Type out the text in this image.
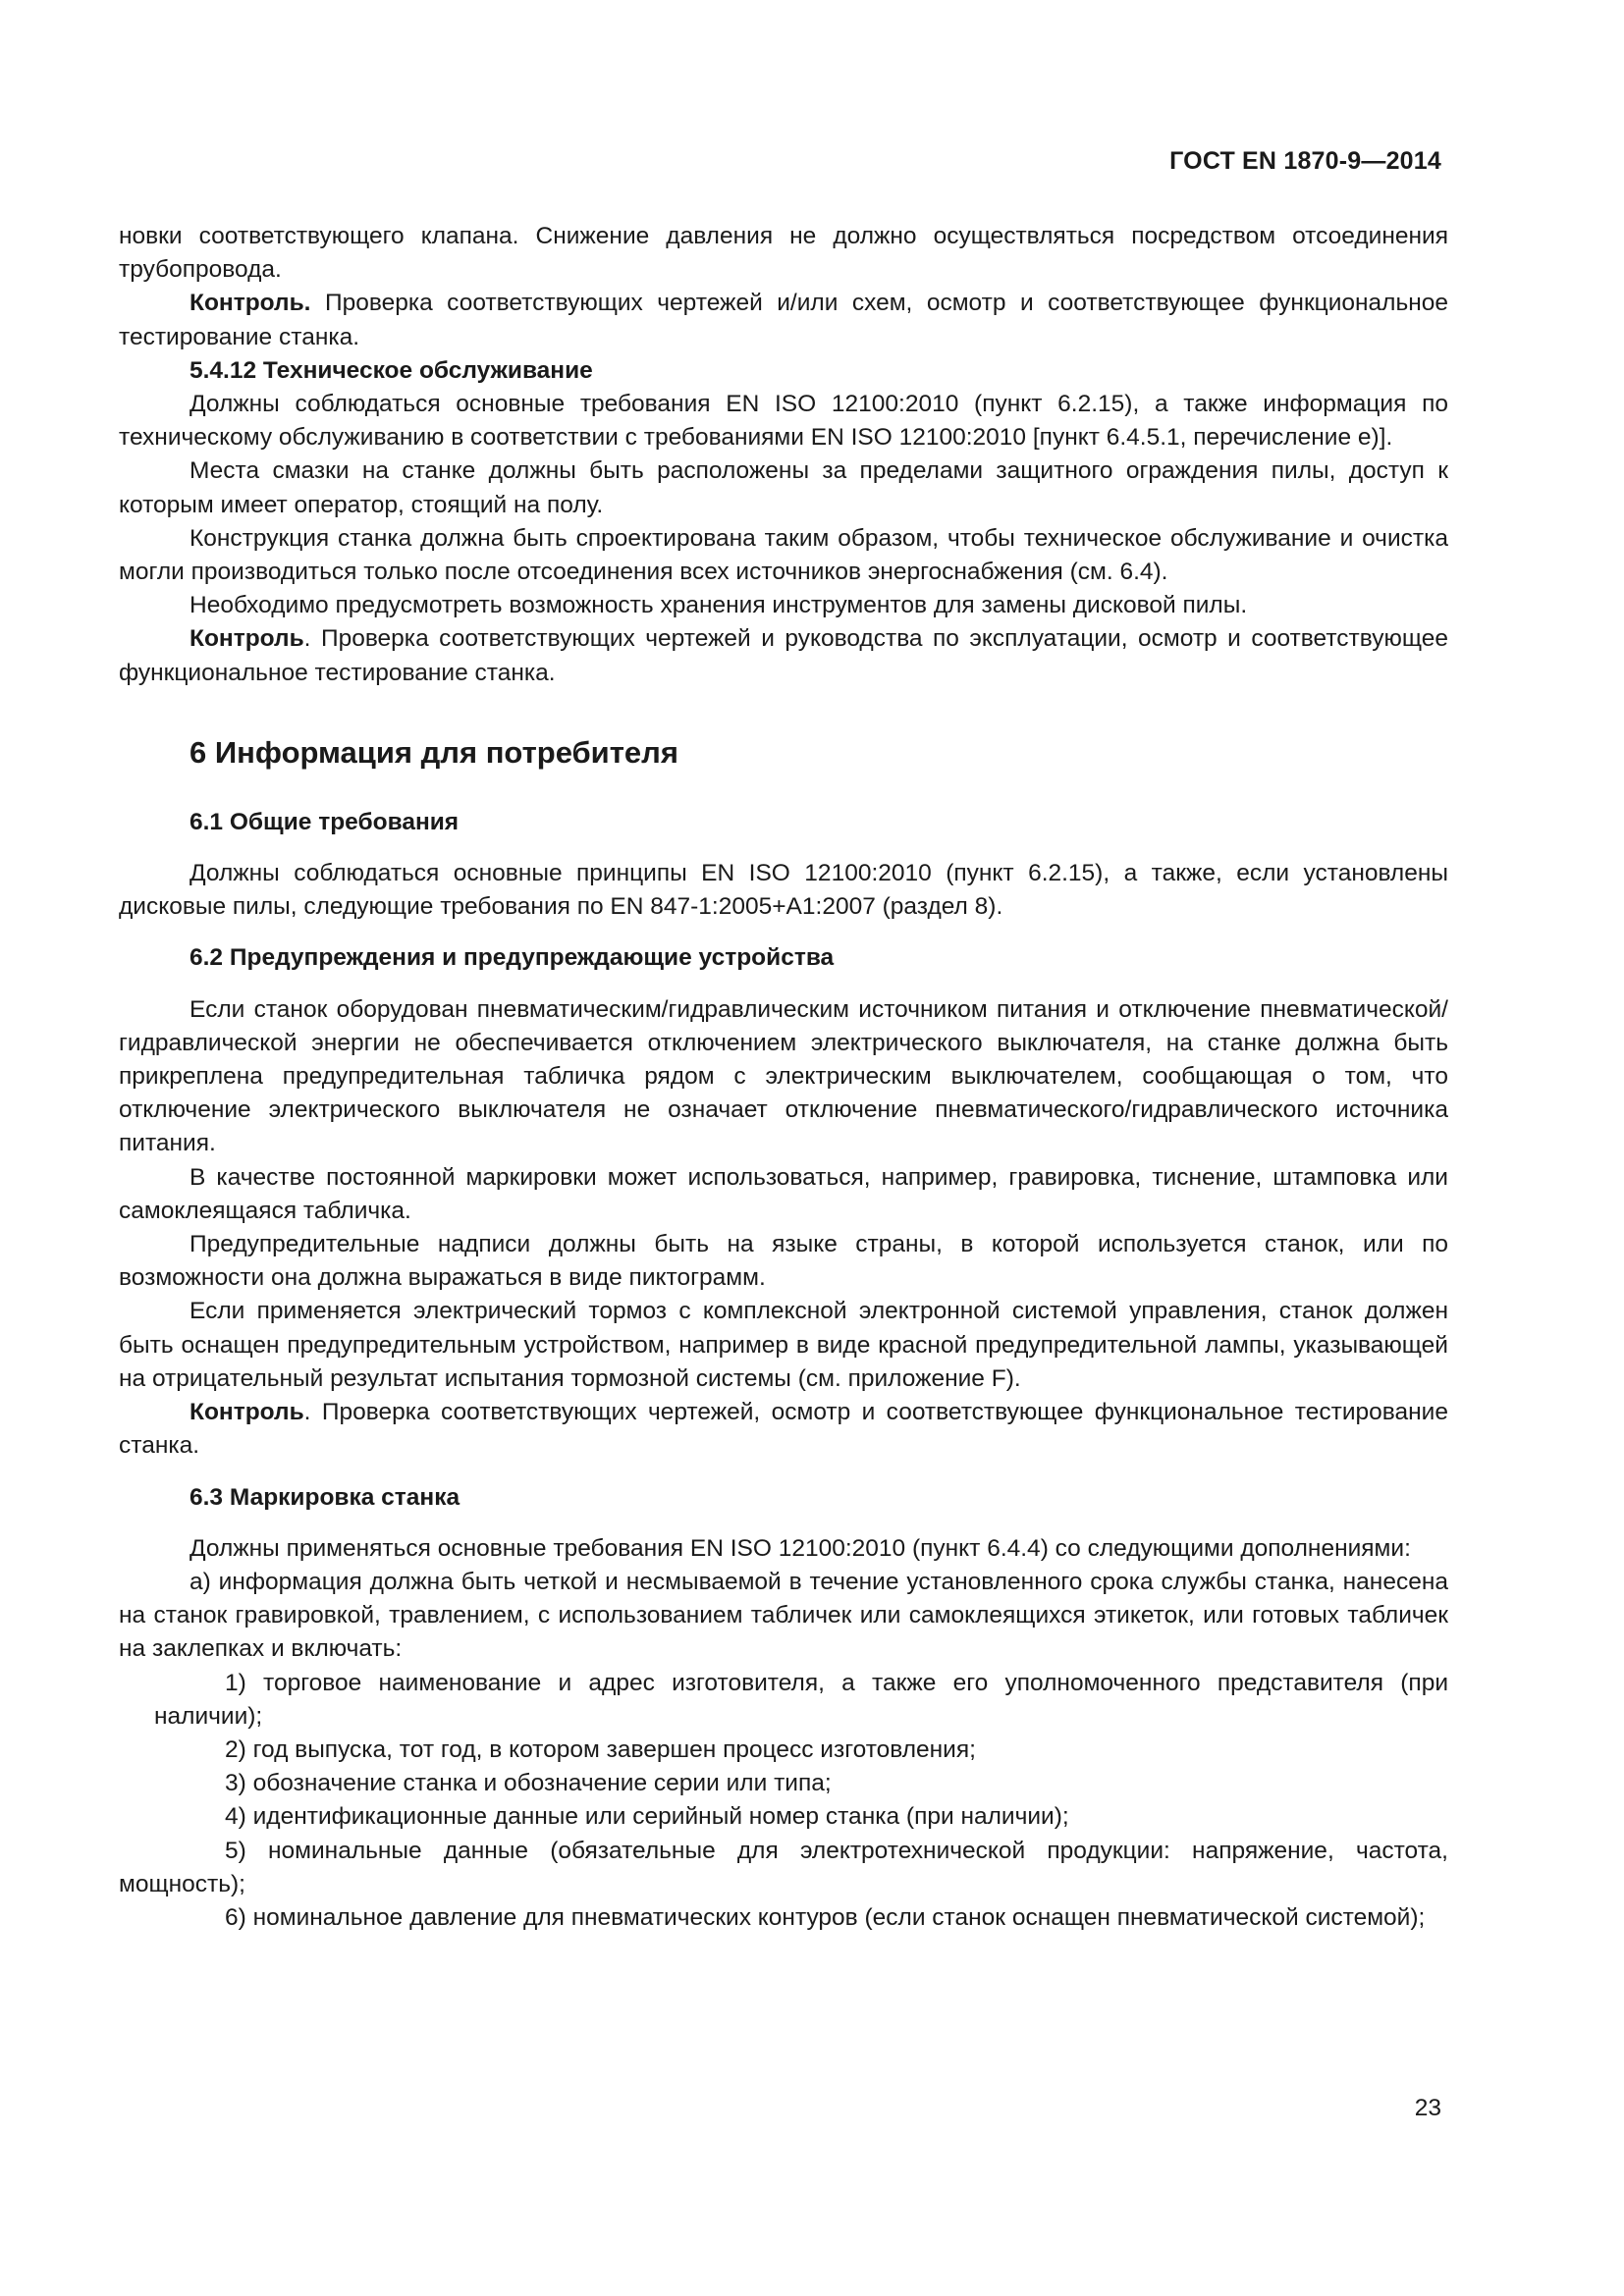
ГОСТ EN 1870-9—2014

новки соответствующего клапана. Снижение давления не должно осуществляться посредством отсоединения трубопровода.

Контроль. Проверка соответствующих чертежей и/или схем, осмотр и соответствующее функциональное тестирование станка.

5.4.12 Техническое обслуживание

Должны соблюдаться основные требования EN ISO 12100:2010 (пункт 6.2.15), а также информация по техническому обслуживанию в соответствии с требованиями EN ISO 12100:2010 [пункт 6.4.5.1, перечисление е)].

Места смазки на станке должны быть расположены за пределами защитного ограждения пилы, доступ к которым имеет оператор, стоящий на полу.

Конструкция станка должна быть спроектирована таким образом, чтобы техническое обслуживание и очистка могли производиться только после отсоединения всех источников энергоснабжения (см. 6.4).

Необходимо предусмотреть возможность хранения инструментов для замены дисковой пилы.

Контроль. Проверка соответствующих чертежей и руководства по эксплуатации, осмотр и соответствующее функциональное тестирование станка.

6 Информация для потребителя

6.1 Общие требования

Должны соблюдаться основные принципы EN ISO 12100:2010 (пункт 6.2.15), а также, если установлены дисковые пилы, следующие требования по EN 847-1:2005+A1:2007 (раздел 8).

6.2 Предупреждения и предупреждающие устройства

Если станок оборудован пневматическим/гидравлическим источником питания и отключение пневматической/гидравлической энергии не обеспечивается отключением электрического выключателя, на станке должна быть прикреплена предупредительная табличка рядом с электрическим выключателем, сообщающая о том, что отключение электрического выключателя не означает отключение пневматического/гидравлического источника питания.

В качестве постоянной маркировки может использоваться, например, гравировка, тиснение, штамповка или самоклеящаяся табличка.

Предупредительные надписи должны быть на языке страны, в которой используется станок, или по возможности она должна выражаться в виде пиктограмм.

Если применяется электрический тормоз с комплексной электронной системой управления, станок должен быть оснащен предупредительным устройством, например в виде красной предупредительной лампы, указывающей на отрицательный результат испытания тормозной системы (см. приложение F).

Контроль. Проверка соответствующих чертежей, осмотр и соответствующее функциональное тестирование станка.

6.3 Маркировка станка

Должны применяться основные требования EN ISO 12100:2010 (пункт 6.4.4) со следующими дополнениями:

а) информация должна быть четкой и несмываемой в течение установленного срока службы станка, нанесена на станок гравировкой, травлением, с использованием табличек или самоклеящихся этикеток, или готовых табличек на заклепках и включать:

1) торговое наименование и адрес изготовителя, а также его уполномоченного представителя (при наличии);

2) год выпуска, тот год, в котором завершен процесс изготовления;

3) обозначение станка и обозначение серии или типа;

4) идентификационные данные или серийный номер станка (при наличии);

5) номинальные данные (обязательные для электротехнической продукции: напряжение, частота, мощность);

6) номинальное давление для пневматических контуров (если станок оснащен пневматической системой);

23
